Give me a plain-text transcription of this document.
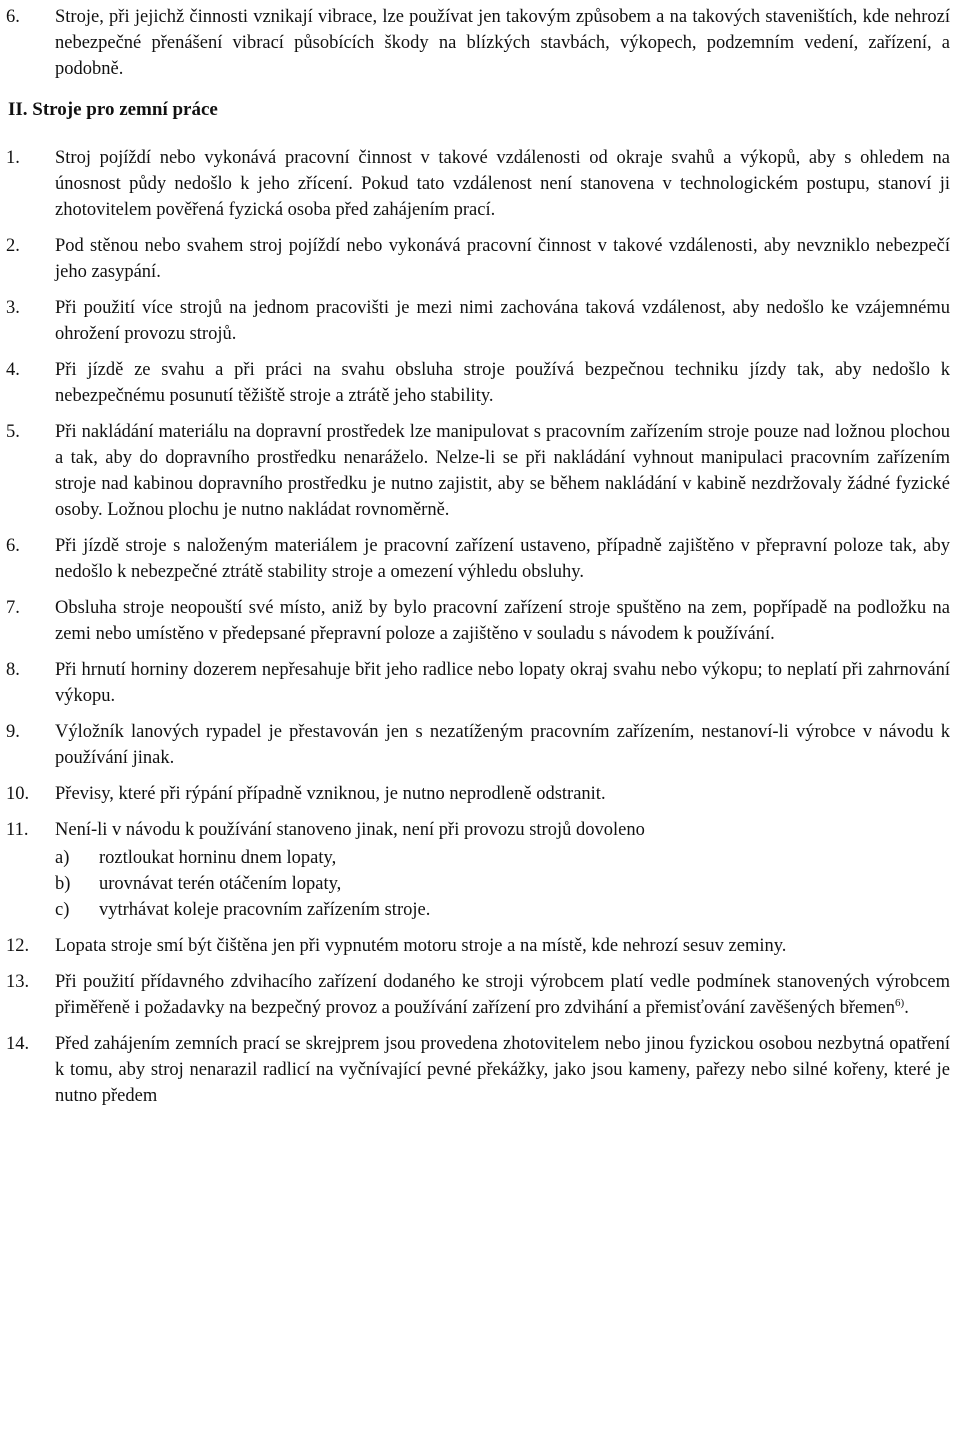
6.	Stroje, při jejichž činnosti vznikají vibrace, lze používat jen takovým způsobem a na takových staveništích, kde nehrozí nebezpečné přenášení vibrací působících škody na blízkých stavbách, výkopech, podzemním vedení, zařízení, a podobně.
II. Stroje pro zemní práce
1.	Stroj pojíždí nebo vykonává pracovní činnost v takové vzdálenosti od okraje svahů a výkopů, aby s ohledem na únosnost půdy nedošlo k jeho zřícení. Pokud tato vzdálenost není stanovena v technologickém postupu, stanoví ji zhotovitelem pověřená fyzická osoba před zahájením prací.
2.	Pod stěnou nebo svahem stroj pojíždí nebo vykonává pracovní činnost v takové vzdálenosti, aby nevzniklo nebezpečí jeho zasypání.
3.	Při použití více strojů na jednom pracovišti je mezi nimi zachována taková vzdálenost, aby nedošlo ke vzájemnému ohrožení provozu strojů.
4.	Při jízdě ze svahu a při práci na svahu obsluha stroje používá bezpečnou techniku jízdy tak, aby nedošlo k nebezpečnému posunutí těžiště stroje a ztrátě jeho stability.
5.	Při nakládání materiálu na dopravní prostředek lze manipulovat s pracovním zařízením stroje pouze nad ložnou plochou a tak, aby do dopravního prostředku nenaráželo. Nelze-li se při nakládání vyhnout manipulaci pracovním zařízením stroje nad kabinou dopravního prostředku je nutno zajistit, aby se během nakládání v kabině nezdržovaly žádné fyzické osoby. Ložnou plochu je nutno nakládat rovnoměrně.
6.	Při jízdě stroje s naloženým materiálem je pracovní zařízení ustaveno, případně zajištěno v přepravní poloze tak, aby nedošlo k nebezpečné ztrátě stability stroje a omezení výhledu obsluhy.
7.	Obsluha stroje neopouští své místo, aniž by bylo pracovní zařízení stroje spuštěno na zem, popřípadě na podložku na zemi nebo umístěno v předepsané přepravní poloze a zajištěno v souladu s návodem k používání.
8.	Při hrnutí horniny dozerem nepřesahuje břit jeho radlice nebo lopaty okraj svahu nebo výkopu; to neplatí při zahrnování výkopu.
9.	Výložník lanových rypadel je přestavován jen s nezatíženým pracovním zařízením, nestanoví-li výrobce v návodu k používání jinak.
10.	Převisy, které při rýpání případně vzniknou, je nutno neprodleně odstranit.
11.	Není-li v návodu k používání stanoveno jinak, není při provozu strojů dovoleno
a)	roztloukat horninu dnem lopaty,
b)	urovnávat terén otáčením lopaty,
c)	vytrhávat koleje pracovním zařízením stroje.
12.	Lopata stroje smí být čištěna jen při vypnutém motoru stroje a na místě, kde nehrozí sesuv zeminy.
13.	Při použití přídavného zdvihacího zařízení dodaného ke stroji výrobcem platí vedle podmínek stanovených výrobcem přiměřeně i požadavky na bezpečný provoz a používání zařízení pro zdvihání a přemisťování zavěšených břemen$^{6)}$.
14.	Před zahájením zemních prací se skrejprem jsou provedena zhotovitelem nebo jinou fyzickou osobou nezbytná opatření k tomu, aby stroj nenarazil radlicí na vyčnívající pevné překážky, jako jsou kameny, pařezy nebo silné kořeny, které je nutno předem
